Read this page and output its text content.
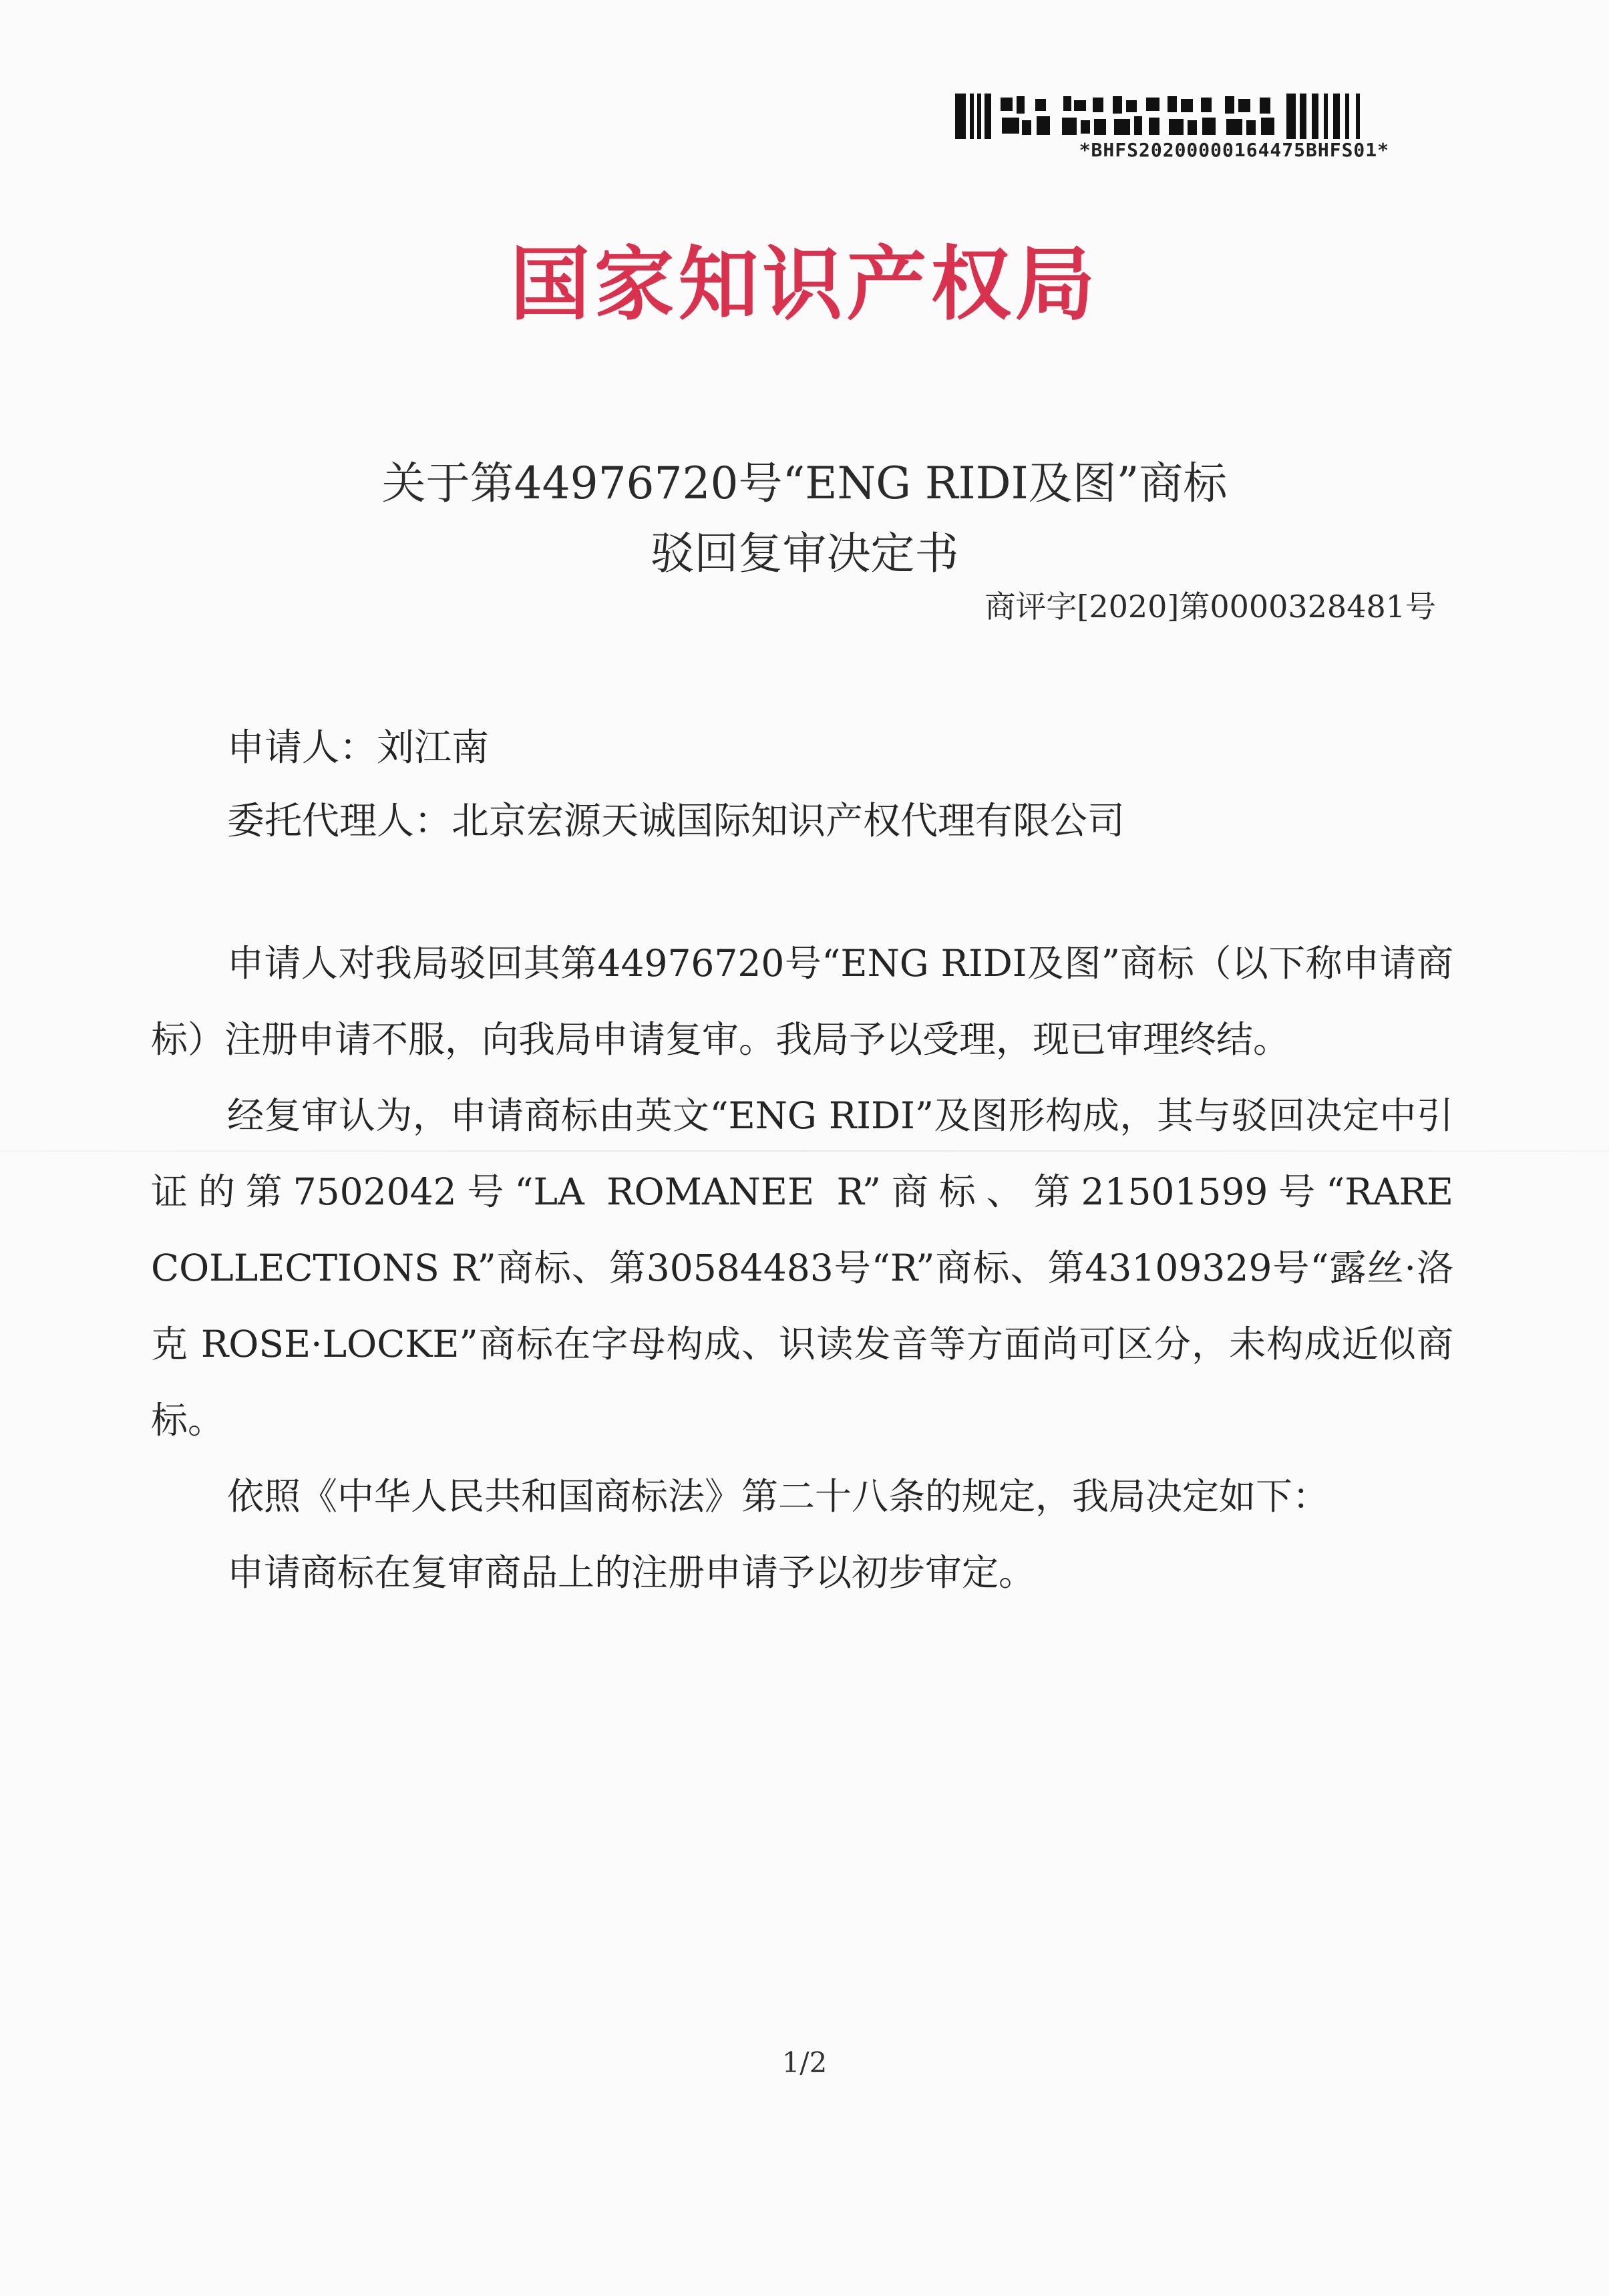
*BHFS20200000164475BHFS01*
国家知识产权局
关于第44976720号“ENG RIDI及图”商标
驳回复审决定书
商评字[2020]第0000328481号
申请人：刘江南
委托代理人：北京宏源天诚国际知识产权代理有限公司
申请人对我局驳回其第44976720号“ENG RIDI及图”商标（以下称申请商标）注册申请不服，向我局申请复审。我局予以受理，现已审理终结。
经复审认为，申请商标由英文“ENG RIDI”及图形构成，其与驳回决定中引证的第7502042号“LA ROMANEE R”商标、第21501599号“RARE COLLECTIONS R”商标、第30584483号“R”商标、第43109329号“露丝·洛克 ROSE·LOCKE”商标在字母构成、识读发音等方面尚可区分，未构成近似商标。
依照《中华人民共和国商标法》第二十八条的规定，我局决定如下：
申请商标在复审商品上的注册申请予以初步审定。
1/2
